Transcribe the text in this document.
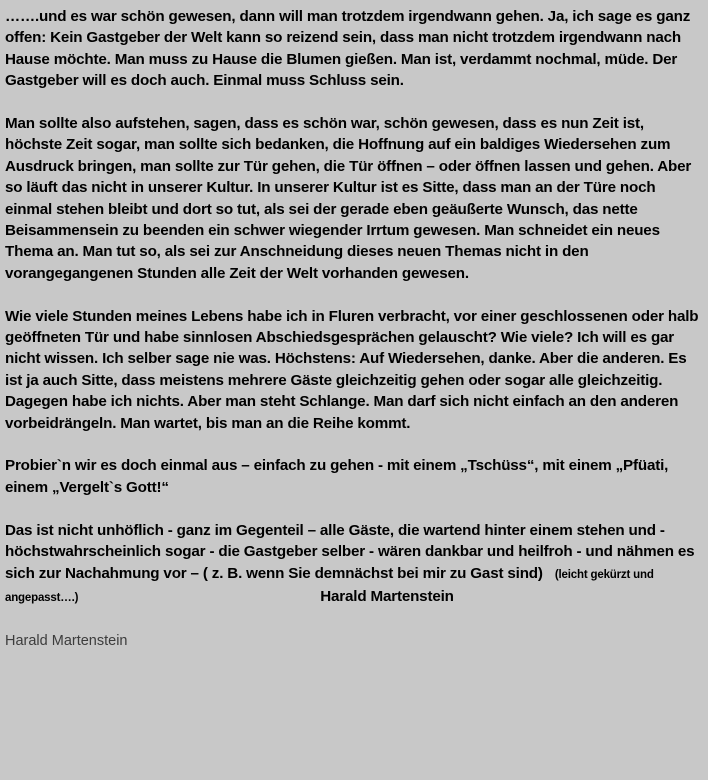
…….und es war schön gewesen, dann will man trotzdem irgendwann gehen. Ja, ich sage es ganz offen: Kein Gastgeber der Welt kann so reizend sein, dass man nicht trotzdem irgendwann nach Hause möchte. Man muss zu Hause die Blumen gießen. Man ist, verdammt nochmal, müde. Der Gastgeber will es doch auch. Einmal muss Schluss sein.

Man sollte also aufstehen, sagen, dass es schön war, schön gewesen, dass es nun Zeit ist, höchste Zeit sogar, man sollte sich bedanken, die Hoffnung auf ein baldiges Wiedersehen zum Ausdruck bringen, man sollte zur Tür gehen, die Tür öffnen – oder öffnen lassen und gehen. Aber so läuft das nicht in unserer Kultur. In unserer Kultur ist es Sitte, dass man an der Türe noch einmal stehen bleibt und dort so tut, als sei der gerade eben geäußerte Wunsch, das nette Beisammensein zu beenden ein schwer wiegender Irrtum gewesen. Man schneidet ein neues Thema an. Man tut so, als sei zur Anschneidung dieses neuen Themas nicht in den vorangegangenen Stunden alle Zeit der Welt vorhanden gewesen.

Wie viele Stunden meines Lebens habe ich in Fluren verbracht, vor einer geschlossenen oder halb geöffneten Tür und habe sinnlosen Abschiedsgesprächen gelauscht? Wie viele? Ich will es gar nicht wissen. Ich selber sage nie was. Höchstens: Auf Wiedersehen, danke. Aber die anderen. Es ist ja auch Sitte, dass meistens mehrere Gäste gleichzeitig gehen oder sogar alle gleichzeitig. Dagegen habe ich nichts. Aber man steht Schlange. Man darf sich nicht einfach an den anderen vorbeidrängeln. Man wartet, bis man an die Reihe kommt.

Probier`n wir es doch einmal aus – einfach zu gehen - mit einem „Tschüss“, mit einem „Pfüati, einem „Vergelt`s Gott!“

Das ist nicht unhöflich - ganz im Gegenteil – alle Gäste, die wartend hinter einem stehen und - höchstwahrscheinlich sogar - die Gastgeber selber - wären dankbar und heilfroh - und nähmen es sich zur Nachahmung vor – ( z. B. wenn Sie demnächst bei mir zu Gast sind) (leicht gekürzt und angepasst….)	Harald Martenstein

Harald Martenstein
